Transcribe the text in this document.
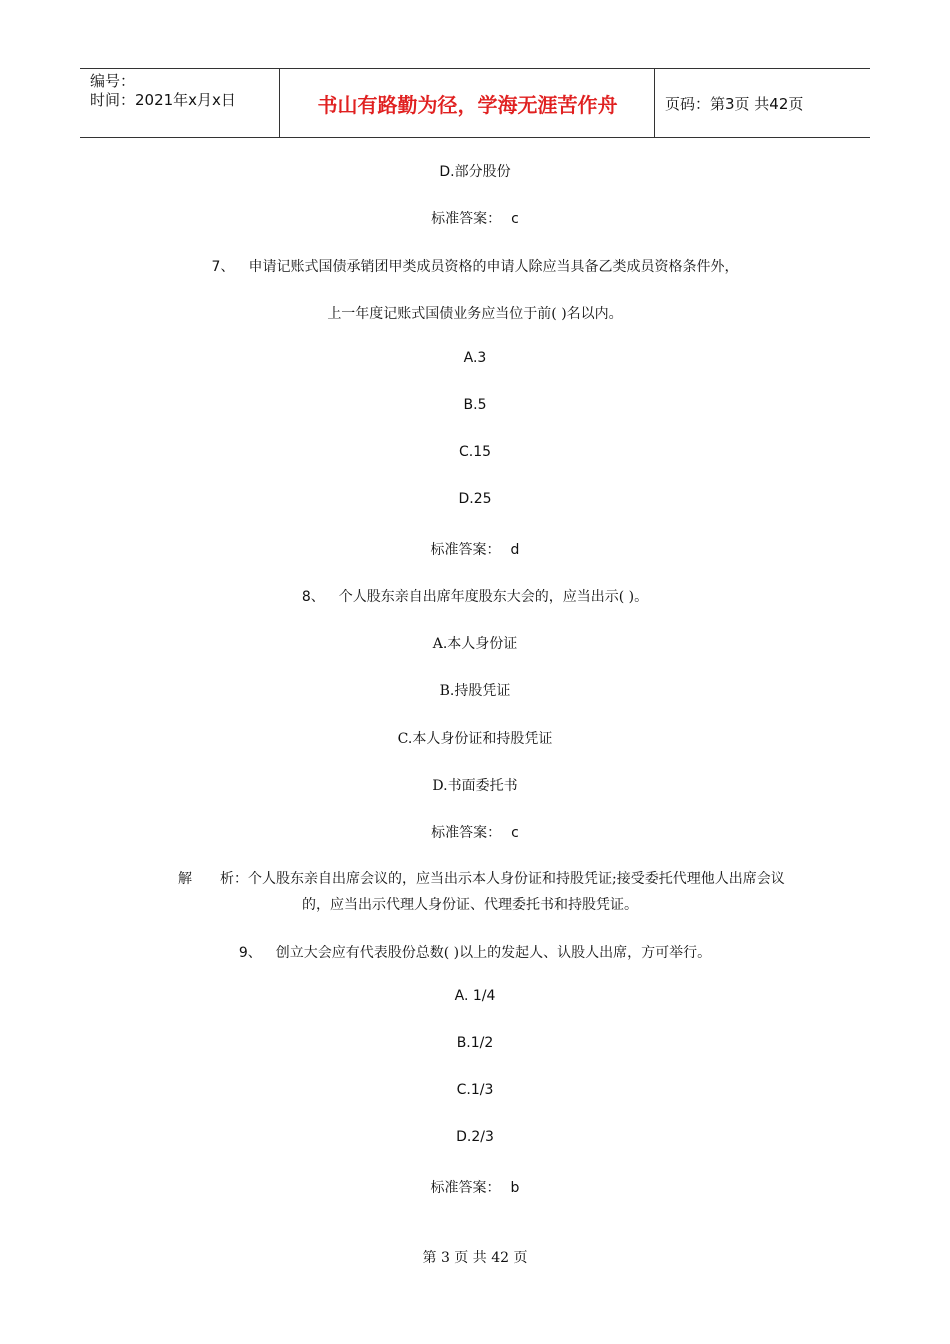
编号：
时间：2021年x月x日	书山有路勤为径，学海无涯苦作舟	页码：第3页 共42页
D.部分股份
标准答案： c
7、 申请记账式国债承销团甲类成员资格的申请人除应当具备乙类成员资格条件外，
上一年度记账式国债业务应当位于前( )名以内。
A.3
B.5
C.15
D.25
标准答案： d
8、 个人股东亲自出席年度股东大会的，应当出示( )。
A.本人身份证
B.持股凭证
C.本人身份证和持股凭证
D.书面委托书
标准答案： c
解　　析：个人股东亲自出席会议的，应当出示本人身份证和持股凭证;接受委托代理他人出席会议
的，应当出示代理人身份证、代理委托书和持股凭证。
9、 创立大会应有代表股份总数( )以上的发起人、认股人出席，方可举行。
A. 1/4
B.1/2
C.1/3
D.2/3
标准答案： b
第 3 页 共 42 页
